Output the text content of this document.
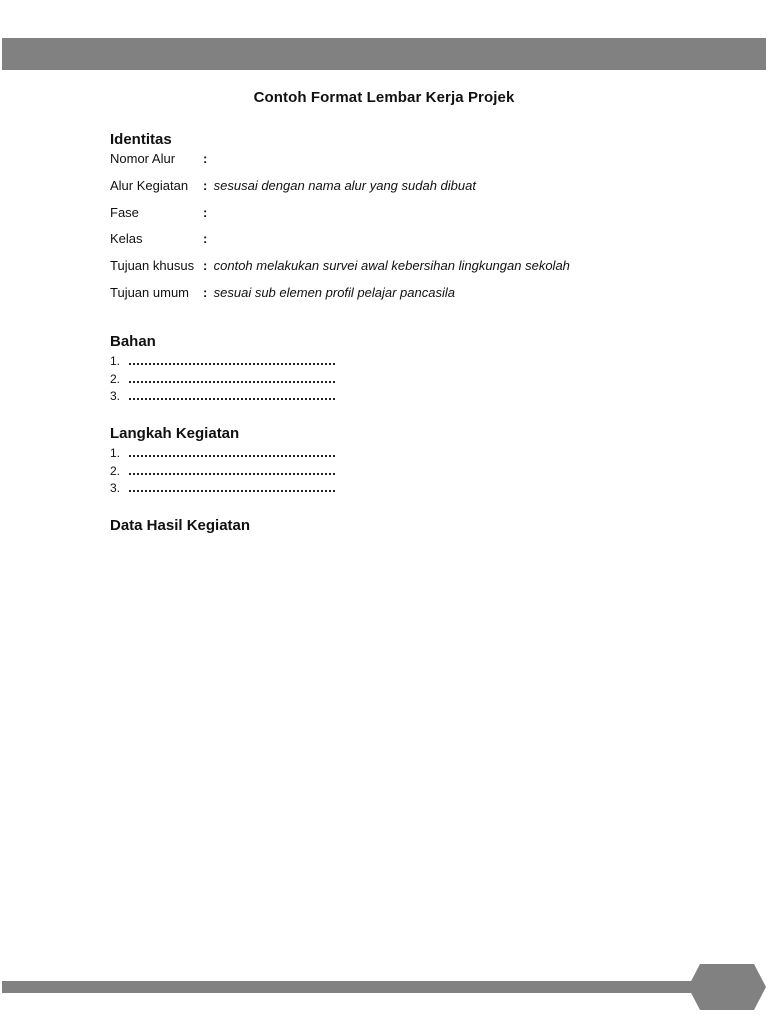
Contoh Format Lembar Kerja Projek
Identitas
Nomor Alur :
Alur Kegiatan : sesusai dengan nama alur yang sudah dibuat
Fase	:
Kelas	:
Tujuan khusus : contoh melakukan survei awal kebersihan lingkungan sekolah
Tujuan umum : sesuai sub elemen profil pelajar pancasila
Bahan
1.
2.
3.
Langkah Kegiatan
1.
2.
3.
Data Hasil Kegiatan
